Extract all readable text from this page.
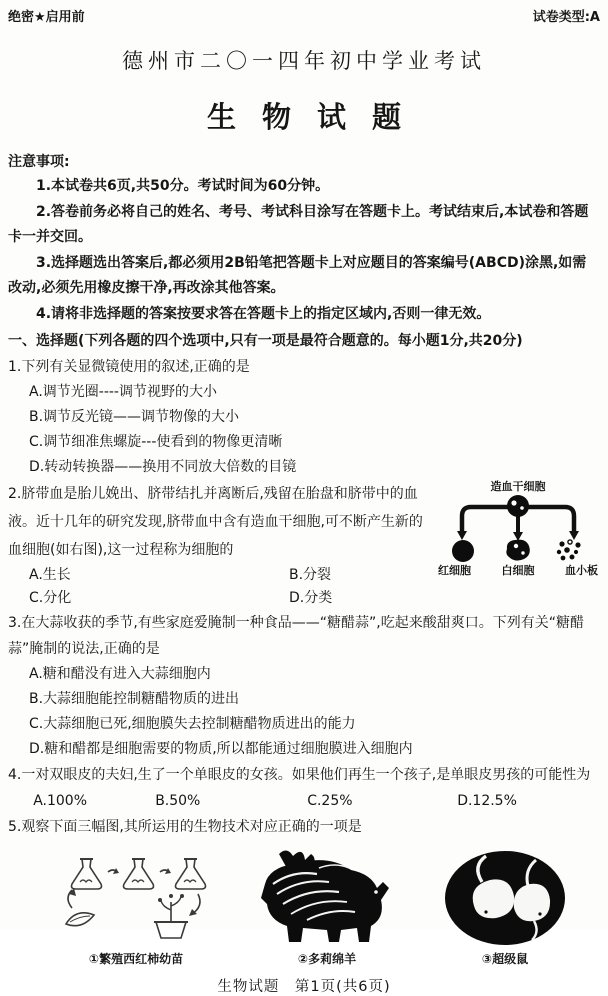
绝密★启用前	试卷类型:A
德州市二〇一四年初中学业考试
生物试题
注意事项:

1.本试卷共6页,共50分。考试时间为60分钟。

2.答卷前务必将自己的姓名、考号、考试科目涂写在答题卡上。考试结束后,本试卷和答题卡一并交回。

3.选择题选出答案后,都必须用2B铅笔把答题卡上对应题目的答案编号(ABCD)涂黑,如需改动,必须先用橡皮擦干净,再改涂其他答案。

4.请将非选择题的答案按要求答在答题卡上的指定区域内,否则一律无效。

一、选择题(下列各题的四个选项中,只有一项是最符合题意的。每小题1分,共20分)

1.下列有关显微镜使用的叙述,正确的是

A.调节光圈----调节视野的大小

B.调节反光镜——调节物像的大小

C.调节细准焦螺旋---使看到的物像更清晰

D.转动转换器——换用不同放大倍数的目镜

2.脐带血是胎儿娩出、脐带结扎并离断后,残留在胎盘和脐带中的血液。近十几年的研究发现,脐带血中含有造血干细胞,可不断产生新的血细胞(如右图),这一过程称为细胞的

A.生长	B.分裂

C.分化	D.分类

造血干细胞
红细胞	白细胞	血小板

3.在大蒜收获的季节,有些家庭爱腌制一种食品——“糖醋蒜”,吃起来酸甜爽口。下列有关“糖醋蒜”腌制的说法,正确的是

A.糖和醋没有进入大蒜细胞内

B.大蒜细胞能控制糖醋物质的进出

C.大蒜细胞已死,细胞膜失去控制糖醋物质进出的能力

D.糖和醋都是细胞需要的物质,所以都能通过细胞膜进入细胞内

4.一对双眼皮的夫妇,生了一个单眼皮的女孩。如果他们再生一个孩子,是单眼皮男孩的可能性为

A.100%	B.50%	C.25%	D.12.5%

5.观察下面三幅图,其所运用的生物技术对应正确的一项是

①繁殖西红柿幼苗	②多莉绵羊	③超级鼠
生物试题　第1页(共6页)
